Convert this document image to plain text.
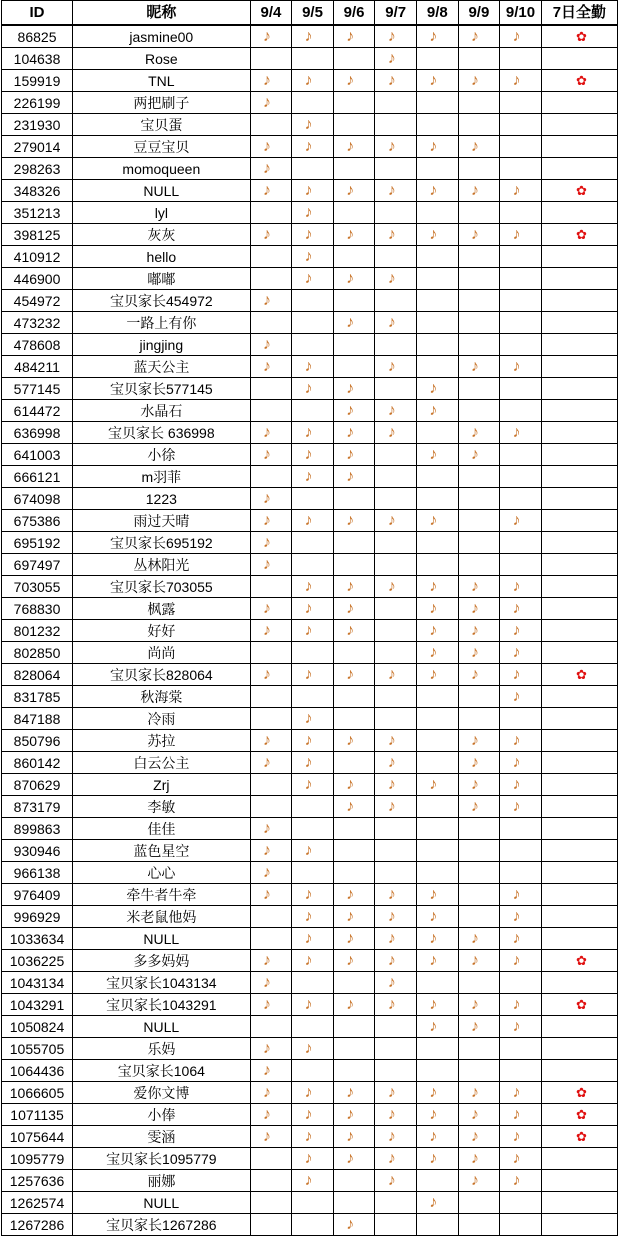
ID	昵称	9/4	9/5	9/6	9/7	9/8	9/9	9/10	7日全勤
86825	jasmine00	♪	♪	♪	♪	♪	♪	♪	✿
104638	Rose				♪				
159919	TNL	♪	♪	♪	♪	♪	♪	♪	✿
226199	两把刷子	♪							
231930	宝贝蛋		♪						
279014	豆豆宝贝	♪	♪	♪	♪	♪	♪		
298263	momoqueen	♪							
348326	NULL	♪	♪	♪	♪	♪	♪	♪	✿
351213	lyl		♪						
398125	灰灰	♪	♪	♪	♪	♪	♪	♪	✿
410912	hello		♪						
446900	嘟嘟		♪	♪	♪				
454972	宝贝家长454972	♪							
473232	一路上有你			♪	♪				
478608	jingjing	♪							
484211	蓝天公主	♪	♪		♪		♪	♪	
577145	宝贝家长577145		♪	♪		♪			
614472	水晶石			♪	♪	♪			
636998	宝贝家长 636998	♪	♪	♪	♪		♪	♪	
641003	小徐	♪	♪	♪		♪	♪		
666121	m羽菲		♪	♪					
674098	1223	♪							
675386	雨过天晴	♪	♪	♪	♪	♪		♪	
695192	宝贝家长695192	♪							
697497	丛林阳光	♪							
703055	宝贝家长703055		♪	♪	♪	♪	♪	♪	
768830	枫露	♪	♪	♪		♪	♪	♪	
801232	好好	♪	♪	♪		♪	♪	♪	
802850	尚尚					♪	♪	♪	
828064	宝贝家长828064	♪	♪	♪	♪	♪	♪	♪	✿
831785	秋海棠							♪	
847188	冷雨		♪						
850796	苏拉	♪	♪	♪	♪		♪	♪	
860142	白云公主	♪	♪		♪		♪	♪	
870629	Zrj		♪	♪	♪	♪	♪	♪	
873179	李敏			♪	♪		♪	♪	
899863	佳佳	♪							
930946	蓝色星空	♪	♪						
966138	心心	♪							
976409	牵牛者牛牵	♪	♪	♪	♪	♪		♪	
996929	米老鼠他妈		♪	♪	♪	♪		♪	
1033634	NULL		♪	♪	♪	♪	♪	♪	
1036225	多多妈妈	♪	♪	♪	♪	♪	♪	♪	✿
1043134	宝贝家长1043134	♪			♪				
1043291	宝贝家长1043291	♪	♪	♪	♪	♪	♪	♪	✿
1050824	NULL					♪	♪	♪	
1055705	乐妈	♪	♪						
1064436	宝贝家长1064	♪							
1066605	爱你文博	♪	♪	♪	♪	♪	♪	♪	✿
1071135	小俸	♪	♪	♪	♪	♪	♪	♪	✿
1075644	雯涵	♪	♪	♪	♪	♪	♪	♪	✿
1095779	宝贝家长1095779		♪	♪	♪	♪	♪	♪	
1257636	丽娜		♪		♪		♪	♪	
1262574	NULL					♪			
1267286	宝贝家长1267286			♪					
